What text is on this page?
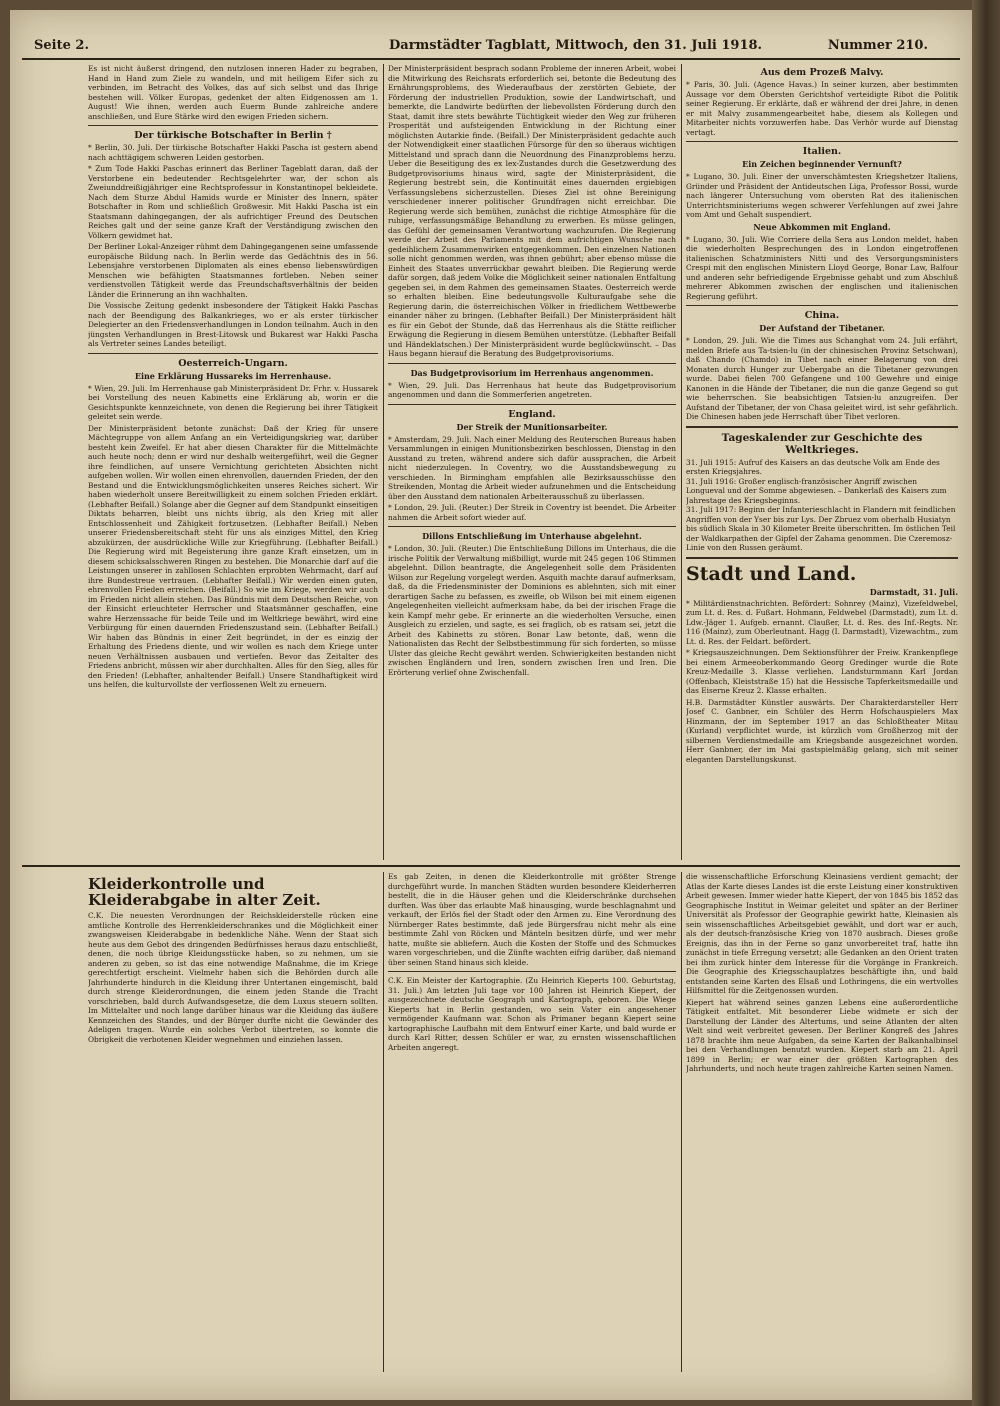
Seite 2.	Darmstädter Tagblatt, Mittwoch, den 31. Juli 1918.	Nummer 210.

Es ist nicht äußerst dringend, den nutzlosen inneren Hader zu begraben, Hand in Hand zum Ziele zu wandeln, und mit heiligem Eifer sich zu verbinden, im Betracht des Volkes, das auf sich selbst und das Ihrige bestehen will. Völker Europas, gedenket der alten Eidgenossen am 1. August! Wie ihnen, werden auch Euerm Bunde zahlreiche andere anschließen, und Eure Stärke wird den ewigen Frieden sichern.

Der türkische Botschafter in Berlin †

* Berlin, 30. Juli. Der türkische Botschafter Hakki Pascha ist gestern abend nach achttägigem schweren Leiden gestorben.

* Zum Tode Hakki Paschas erinnert das Berliner Tageblatt daran, daß der Verstorbene ein bedeutender Rechtsgelehrter war, der schon als Zweiunddreißigjähriger eine Rechtsprofessur in Konstantinopel bekleidete. Nach dem Sturze Abdul Hamids wurde er Minister des Innern, später Botschafter in Rom und schließlich Großwesir. Mit Hakki Pascha ist ein Staatsmann dahingegangen, der als aufrichtiger Freund des Deutschen Reiches galt und der seine ganze Kraft der Verständigung zwischen den Völkern gewidmet hat.

Der Berliner Lokal-Anzeiger rühmt dem Dahingegangenen seine umfassende europäische Bildung nach. In Berlin werde das Gedächtnis des in 56. Lebensjahre verstorbenen Diplomaten als eines ebenso liebenswürdigen Menschen wie befähigten Staatsmannes fortleben. Neben seiner verdienstvollen Tätigkeit werde das Freundschaftsverhältnis der beiden Länder die Erinnerung an ihn wachhalten.

Die Vossische Zeitung gedenkt insbesondere der Tätigkeit Hakki Paschas nach der Beendigung des Balkankrieges, wo er als erster türkischer Delegierter an den Friedensverhandlungen in London teilnahm. Auch in den jüngsten Verhandlungen in Brest-Litowsk und Bukarest war Hakki Pascha als Vertreter seines Landes beteiligt.

Oesterreich-Ungarn.
Eine Erklärung Hussareks im Herrenhause.

* Wien, 29. Juli. Im Herrenhause gab Ministerpräsident Dr. Frhr. v. Hussarek bei Vorstellung des neuen Kabinetts eine Erklärung ab, worin er die Gesichtspunkte kennzeichnete, von denen die Regierung bei ihrer Tätigkeit geleitet sein werde.

Der Ministerpräsident betonte zunächst: Daß der Krieg für unsere Mächtegruppe von allem Anfang an ein Verteidigungskrieg war, darüber besteht kein Zweifel. Er hat aber diesen Charakter für die Mittelmächte auch heute noch; denn er wird nur deshalb weitergeführt, weil die Gegner ihre feindlichen, auf unsere Vernichtung gerichteten Absichten nicht aufgeben wollen. Wir wollen einen ehrenvollen, dauernden Frieden, der den Bestand und die Entwicklungsmöglichkeiten unseres Reiches sichert. Wir haben wiederholt unsere Bereitwilligkeit zu einem solchen Frieden erklärt. (Lebhafter Beifall.) Solange aber die Gegner auf dem Standpunkt einseitigen Diktats beharren, bleibt uns nichts übrig, als den Krieg mit aller Entschlossenheit und Zähigkeit fortzusetzen. (Lebhafter Beifall.) Neben unserer Friedensbereitschaft steht für uns als einziges Mittel, den Krieg abzukürzen, der ausdrückliche Wille zur Kriegführung. (Lebhafter Beifall.) Die Regierung wird mit Begeisterung ihre ganze Kraft einsetzen, um in diesem schicksalsschweren Ringen zu bestehen. Die Monarchie darf auf die Leistungen unserer in zahllosen Schlachten erprobten Wehrmacht, darf auf ihre Bundestreue vertrauen. (Lebhafter Beifall.) Wir werden einen guten, ehrenvollen Frieden erreichen. (Beifall.) So wie im Kriege, werden wir auch im Frieden nicht allein stehen. Das Bündnis mit dem Deutschen Reiche, von der Einsicht erleuchteter Herrscher und Staatsmänner geschaffen, eine wahre Herzenssache für beide Teile und im Weltkriege bewährt, wird eine Verbürgung für einen dauernden Friedenszustand sein. (Lebhafter Beifall.) Wir haben das Bündnis in einer Zeit begründet, in der es einzig der Erhaltung des Friedens diente, und wir wollen es nach dem Kriege unter neuen Verhältnissen ausbauen und vertiefen. Bevor das Zeitalter des Friedens anbricht, müssen wir aber durchhalten. Alles für den Sieg, alles für den Frieden! (Lebhafter, anhaltender Beifall.) Unsere Standhaftigkeit wird uns helfen, die kulturvollste der verflossenen Welt zu erneuern.

Der Ministerpräsident besprach sodann Probleme der inneren Arbeit, wobei die Mitwirkung des Reichsrats erforderlich sei, betonte die Bedeutung des Ernährungsproblems, des Wiederaufbaus der zerstörten Gebiete, der Förderung der industriellen Produktion, sowie der Landwirtschaft, und bemerkte, die Landwirte bedürften der liebevollsten Förderung durch den Staat, damit ihre stets bewährte Tüchtigkeit wieder den Weg zur früheren Prosperität und aufsteigenden Entwicklung in der Richtung einer möglichsten Autarkie finde. (Beifall.) Der Ministerpräsident gedachte auch der Notwendigkeit einer staatlichen Fürsorge für den so überaus wichtigen Mittelstand und sprach dann die Neuordnung des Finanzproblems herzu. Ueber die Beseitigung des ex lex-Zustandes durch die Gesetzwerdung des Budgetprovisoriums hinaus wird, sagte der Ministerpräsident, die Regierung bestrebt sein, die Kontinuität eines dauernden ergiebigen Verfassungslebens sicherzustellen. Dieses Ziel ist ohne Bereinigung verschiedener innerer politischer Grundfragen nicht erreichbar. Die Regierung werde sich bemühen, zunächst die richtige Atmosphäre für die ruhige, verfassungsmäßige Behandlung zu erwerben. Es müsse gelingen, das Gefühl der gemeinsamen Verantwortung wachzurufen. Die Regierung werde der Arbeit des Parlaments mit dem aufrichtigen Wunsche nach gedeihlichem Zusammenwirken entgegenkommen. Den einzelnen Nationen solle nicht genommen werden, was ihnen gebührt; aber ebenso müsse die Einheit des Staates unverrückbar gewahrt bleiben. Die Regierung werde dafür sorgen, daß jedem Volke die Möglichkeit seiner nationalen Entfaltung gegeben sei, in dem Rahmen des gemeinsamen Staates. Oesterreich werde so erhalten bleiben. Eine bedeutungsvolle Kulturaufgabe sehe die Regierung darin, die österreichischen Völker in friedlichem Wettbewerbe einander näher zu bringen. (Lebhafter Beifall.) Der Ministerpräsident hält es für ein Gebot der Stunde, daß das Herrenhaus als die Stätte reiflicher Erwägung die Regierung in diesem Bemühen unterstütze. (Lebhafter Beifall und Händeklatschen.) Der Ministerpräsident wurde beglückwünscht. – Das Haus begann hierauf die Beratung des Budgetprovisoriums.

Das Budgetprovisorium im Herrenhaus angenommen.

* Wien, 29. Juli. Das Herrenhaus hat heute das Budgetprovisorium angenommen und dann die Sommerferien angetreten.

England.
Der Streik der Munitionsarbeiter.

* Amsterdam, 29. Juli. Nach einer Meldung des Reuterschen Bureaus haben Versammlungen in einigen Munitionsbezirken beschlossen, Dienstag in den Ausstand zu treten, während andere sich dafür aussprachen, die Arbeit nicht niederzulegen. In Coventry, wo die Ausstandsbewegung zu verschieden. In Birmingham empfahlen alle Bezirksausschüsse den Streikenden, Montag die Arbeit wieder aufzunehmen und die Entscheidung über den Ausstand dem nationalen Arbeiterausschuß zu überlassen.

* London, 29. Juli. (Reuter.) Der Streik in Coventry ist beendet. Die Arbeiter nahmen die Arbeit sofort wieder auf.

Dillons Entschließung im Unterhause abgelehnt.

* London, 30. Juli. (Reuter.) Die Entschließung Dillons im Unterhaus, die die irische Politik der Verwaltung mißbilligt, wurde mit 245 gegen 106 Stimmen abgelehnt. Dillon beantragte, die Angelegenheit solle dem Präsidenten Wilson zur Regelung vorgelegt werden. Asquith machte darauf aufmerksam, daß, da die Friedensminister der Dominions es ablehnten, sich mit einer derartigen Sache zu befassen, es zweifle, ob Wilson bei mit einem eigenen Angelegenheiten vielleicht aufmerksam habe, da bei der irischen Frage die kein Kampf mehr gebe. Er erinnerte an die wiederholten Versuche, einen Ausgleich zu erzielen, und sagte, es sei fraglich, ob es ratsam sei, jetzt die Arbeit des Kabinetts zu stören. Bonar Law betonte, daß, wenn die Nationalisten das Recht der Selbstbestimmung für sich forderten, so müsse Ulster das gleiche Recht gewährt werden. Schwierigkeiten bestanden nicht zwischen Engländern und Iren, sondern zwischen Iren und Iren. Die Erörterung verlief ohne Zwischenfall.

Aus dem Prozeß Malvy.

* Paris, 30. Juli. (Agence Havas.) In seiner kurzen, aber bestimmten Aussage vor dem Obersten Gerichtshof verteidigte Ribot die Politik seiner Regierung. Er erklärte, daß er während der drei Jahre, in denen er mit Malvy zusammengearbeitet habe, diesem als Kollegen und Mitarbeiter nichts vorzuwerfen habe. Das Verhör wurde auf Dienstag vertagt.

Italien.
Ein Zeichen beginnender Vernunft?

* Lugano, 30. Juli. Einer der unverschämtesten Kriegshetzer Italiens, Gründer und Präsident der Antideutschen Liga, Professor Bossi, wurde nach längerer Untersuchung vom obersten Rat des italienischen Unterrichtsministeriums wegen schwerer Verfehlungen auf zwei Jahre vom Amt und Gehalt suspendiert.

Neue Abkommen mit England.

* Lugano, 30. Juli. Wie Corriere della Sera aus London meldet, haben die wiederholten Besprechungen des in London eingetroffenen italienischen Schatzministers Nitti und des Versorgungsministers Crespi mit den englischen Ministern Lloyd George, Bonar Law, Balfour und anderen sehr befriedigende Ergebnisse gehabt und zum Abschluß mehrerer Abkommen zwischen der englischen und italienischen Regierung geführt.

China.
Der Aufstand der Tibetaner.

* London, 29. Juli. Wie die Times aus Schanghat vom 24. Juli erfährt, melden Briefe aus Ta-tsien-lu (in der chinesischen Provinz Setschwan), daß Chando (Chamdo) in Tibet nach einer Belagerung von drei Monaten durch Hunger zur Uebergabe an die Tibetaner gezwungen wurde. Dabei fielen 700 Gefangene und 100 Gewehre und einige Kanonen in die Hände der Tibetaner, die nun die ganze Gegend so gut wie beherrschen. Sie beabsichtigen Tatsien-lu anzugreifen. Der Aufstand der Tibetaner, der von Chasa geleitet wird, ist sehr gefährlich. Die Chinesen haben jede Herrschaft über Tibet verloren.

Tageskalender zur Geschichte des Weltkrieges.

31. Juli 1915: Aufruf des Kaisers an das deutsche Volk am Ende des ersten Kriegsjahres.

31. Juli 1916: Großer englisch-französischer Angriff zwischen Longueval und der Somme abgewiesen. – Dankerlaß des Kaisers zum Jahrestage des Kriegsbeginns.

31. Juli 1917: Beginn der Infanterieschlacht in Flandern mit feindlichen Angriffen von der Yser bis zur Lys. Der Zbruez vom oberhalb Husiatyn bis südlich Skala in 30 Kilometer Breite überschritten. Im östlichen Teil der Waldkarpathen der Gipfel der Zahama genommen. Die Czeremosz-Linie von den Russen geräumt.

Stadt und Land.
Darmstadt, 31. Juli.

* Militärdienstnachrichten. Befördert: Sohnrey (Mainz), Vizefeldwebel, zum Lt. d. Res. d. Fußart. Hohmann, Feldwebel (Darmstadt), zum Lt. d. Ldw.-Jäger 1. Aufgeb. ernannt. Claußer, Lt. d. Res. des Inf.-Regts. Nr. 116 (Mainz), zum Oberleutnant. Hagg (I. Darmstadt), Vizewachtm., zum Lt. d. Res. der Feldart. befördert.

* Kriegsauszeichnungen. Dem Sektionsführer der Freiw. Krankenpflege bei einem Armeeoberkommando Georg Gredinger wurde die Rote Kreuz-Medaille 3. Klasse verliehen. Landsturmmann Karl Jordan (Offenbach, Kleiststraße 15) hat die Hessische Tapferkeitsmedaille und das Eiserne Kreuz 2. Klasse erhalten.

H.B. Darmstädter Künstler auswärts. Der Charakterdarsteller Herr Josef C. Ganbner, ein Schüler des Herrn Hofschauspielers Max Hinzmann, der im September 1917 an das Schloßtheater Mitau (Kurland) verpflichtet wurde, ist kürzlich vom Großherzog mit der silbernen Verdienstmedaille am Kriegsbande ausgezeichnet worden. Herr Ganbner, der im Mai gastspielmäßig gelang, sich mit seiner eleganten Darstellungskunst.

Kleiderkontrolle und Kleiderabgabe in alter Zeit.

C.K. Die neuesten Verordnungen der Reichskleiderstelle rücken eine amtliche Kontrolle des Herrenkleiderschrankes und die Möglichkeit einer zwangsweisen Kleiderabgabe in bedenkliche Nähe. Wenn der Staat sich heute aus dem Gebot des dringenden Bedürfnisses heraus dazu entschließt, denen, die noch übrige Kleidungsstücke haben, so zu nehmen, um sie anderen zu geben, so ist das eine notwendige Maßnahme, die im Kriege gerechtfertigt erscheint. Vielmehr haben sich die Behörden durch alle Jahrhunderte hindurch in die Kleidung ihrer Untertanen eingemischt, bald durch strenge Kleiderordnungen, die einem jeden Stande die Tracht vorschrieben, bald durch Aufwandsgesetze, die dem Luxus steuern sollten. Im Mittelalter und noch lange darüber hinaus war die Kleidung das äußere Kennzeichen des Standes, und der Bürger durfte nicht die Gewänder des Adeligen tragen. Wurde ein solches Verbot übertreten, so konnte die Obrigkeit die verbotenen Kleider wegnehmen und einziehen lassen.

Es gab Zeiten, in denen die Kleiderkontrolle mit größter Strenge durchgeführt wurde. In manchen Städten wurden besondere Kleiderherren bestellt, die in die Häuser gehen und die Kleiderschränke durchsehen durften. Was über das erlaubte Maß hinausging, wurde beschlagnahmt und verkauft, der Erlös fiel der Stadt oder den Armen zu. Eine Verordnung des Nürnberger Rates bestimmte, daß jede Bürgersfrau nicht mehr als eine bestimmte Zahl von Röcken und Mänteln besitzen dürfe, und wer mehr hatte, mußte sie abliefern. Auch die Kosten der Stoffe und des Schmuckes waren vorgeschrieben, und die Zünfte wachten eifrig darüber, daß niemand über seinen Stand hinaus sich kleide.

C.K. Ein Meister der Kartographie. (Zu Heinrich Kieperts 100. Geburtstag, 31. Juli.) Am letzten Juli tage vor 100 Jahren ist Heinrich Kiepert, der ausgezeichnete deutsche Geograph und Kartograph, geboren. Die Wiege Kieperts hat in Berlin gestanden, wo sein Vater ein angesehener vermögender Kaufmann war. Schon als Primaner begann Kiepert seine kartographische Laufbahn mit dem Entwurf einer Karte, und bald wurde er durch Karl Ritter, dessen Schüler er war, zu ernsten wissenschaftlichen Arbeiten angeregt.

die wissenschaftliche Erforschung Kleinasiens verdient gemacht; der Atlas der Karte dieses Landes ist die erste Leistung einer konstruktiven Arbeit gewesen. Immer wieder hatte Kiepert, der von 1845 bis 1852 das Geographische Institut in Weimar geleitet und später an der Berliner Universität als Professor der Geographie gewirkt hatte, Kleinasien als sein wissenschaftliches Arbeitsgebiet gewählt, und dort war er auch, als der deutsch-französische Krieg von 1870 ausbrach. Dieses große Ereignis, das ihn in der Ferne so ganz unvorbereitet traf, hatte ihn zunächst in tiefe Erregung versetzt; alle Gedanken an den Orient traten bei ihm zurück hinter dem Interesse für die Vorgänge in Frankreich. Die Geographie des Kriegsschauplatzes beschäftigte ihn, und bald entstanden seine Karten des Elsaß und Lothringens, die ein wertvolles Hilfsmittel für die Zeitgenossen wurden.

Kiepert hat während seines ganzen Lebens eine außerordentliche Tätigkeit entfaltet. Mit besonderer Liebe widmete er sich der Darstellung der Länder des Altertums, und seine Atlanten der alten Welt sind weit verbreitet gewesen. Der Berliner Kongreß des Jahres 1878 brachte ihm neue Aufgaben, da seine Karten der Balkanhalbinsel bei den Verhandlungen benutzt wurden. Kiepert starb am 21. April 1899 in Berlin; er war einer der größten Kartographen des Jahrhunderts, und noch heute tragen zahlreiche Karten seinen Namen.
